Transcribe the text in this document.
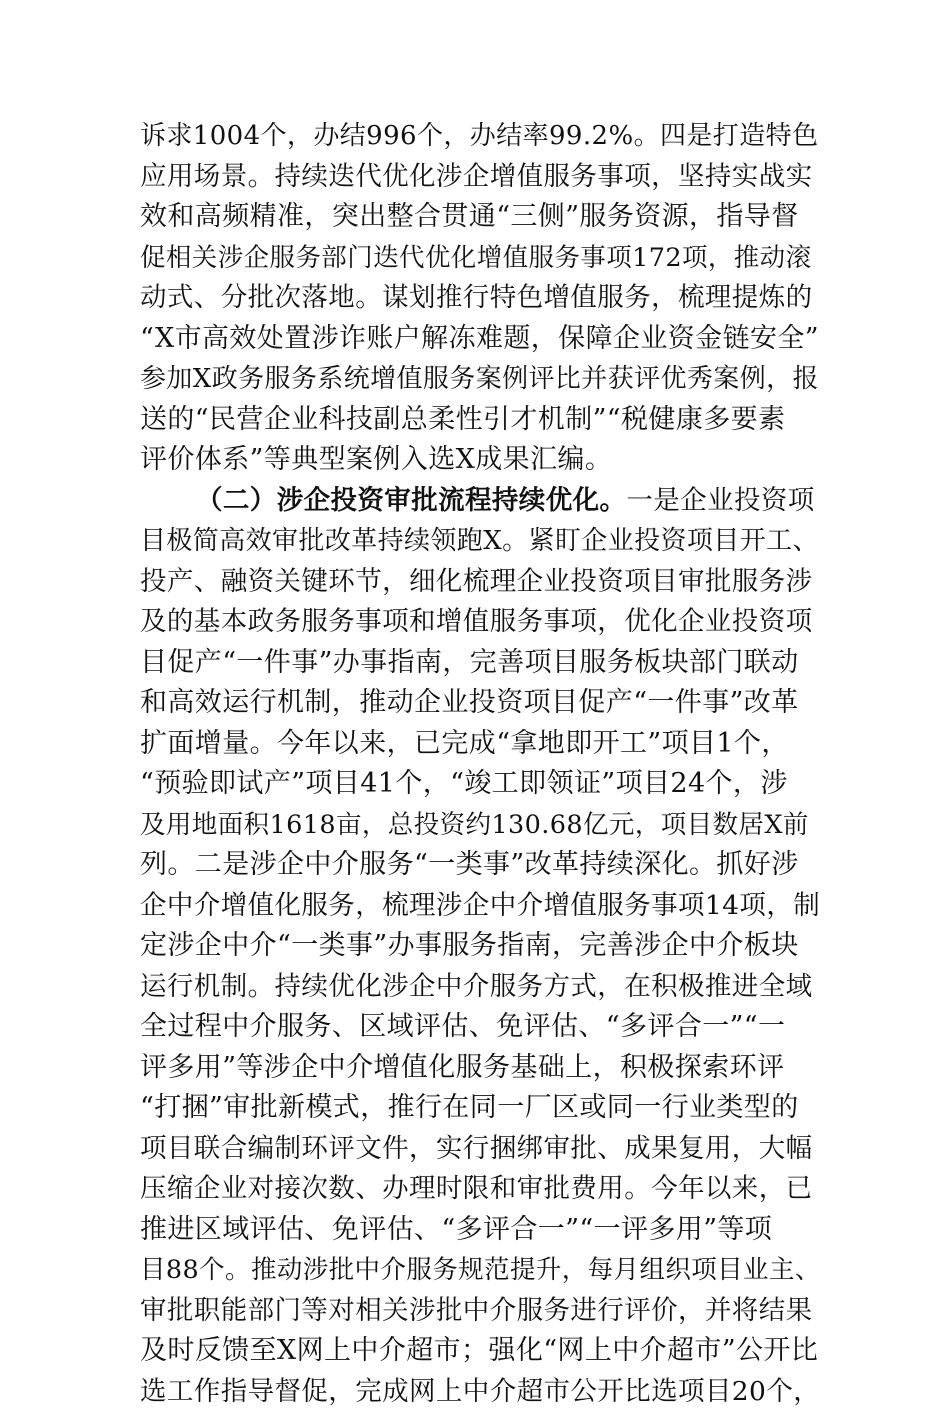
诉求1004个，办结996个，办结率99.2%。四是打造特色
应用场景。持续迭代优化涉企增值服务事项，坚持实战实
效和高频精准，突出整合贯通“三侧”服务资源，指导督
促相关涉企服务部门迭代优化增值服务事项172项，推动滚
动式、分批次落地。谋划推行特色增值服务，梳理提炼的
“X市高效处置涉诈账户解冻难题，保障企业资金链安全”
参加X政务服务系统增值服务案例评比并获评优秀案例，报
送的“民营企业科技副总柔性引才机制”“税健康多要素
评价体系”等典型案例入选X成果汇编。
（二）涉企投资审批流程持续优化。一是企业投资项
目极简高效审批改革持续领跑X。紧盯企业投资项目开工、
投产、融资关键环节，细化梳理企业投资项目审批服务涉
及的基本政务服务事项和增值服务事项，优化企业投资项
目促产“一件事”办事指南，完善项目服务板块部门联动
和高效运行机制，推动企业投资项目促产“一件事”改革
扩面增量。今年以来，已完成“拿地即开工”项目1个，
“预验即试产”项目41个，“竣工即领证”项目24个，涉
及用地面积1618亩，总投资约130.68亿元，项目数居X前
列。二是涉企中介服务“一类事”改革持续深化。抓好涉
企中介增值化服务，梳理涉企中介增值服务事项14项，制
定涉企中介“一类事”办事服务指南，完善涉企中介板块
运行机制。持续优化涉企中介服务方式，在积极推进全域
全过程中介服务、区域评估、免评估、“多评合一”“一
评多用”等涉企中介增值化服务基础上，积极探索环评
“打捆”审批新模式，推行在同一厂区或同一行业类型的
项目联合编制环评文件，实行捆绑审批、成果复用，大幅
压缩企业对接次数、办理时限和审批费用。今年以来，已
推进区域评估、免评估、“多评合一”“一评多用”等项
目88个。推动涉批中介服务规范提升，每月组织项目业主、
审批职能部门等对相关涉批中介服务进行评价，并将结果
及时反馈至X网上中介超市；强化“网上中介超市”公开比
选工作指导督促，完成网上中介超市公开比选项目20个，
